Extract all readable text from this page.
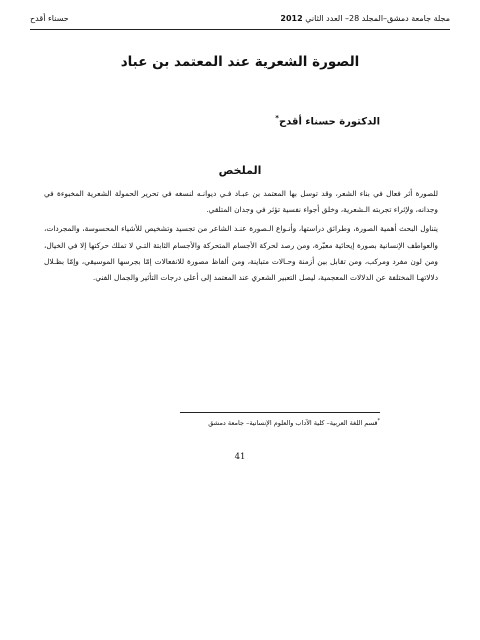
مجلة جامعة دمشق–المجلد 28– العدد الثاني 2012
حسناء أقدح
الصورة الشعرية عند المعتمد بن عباد
الدكتورة حسناء أقدح*
الملخص

للصورة أثر فعال في بناء الشعر، وقد توسل بها المعتمد بن عبـاد فـي ديوانـه لنسغه في تحرير الحمولة الشعرية المخبوءة في وجدانه، ولإثراء تجربته الـشعرية، وخلق أجواء نفسية تؤثر في وجدان المتلقي.

يتناول البحث أهمية الصورة، وطرائق دراستها، وأنـواع الـصورة عنـد الشاعر من تجسيد وتشخيص للأشياء المحسوسة، والمجردات، والعواطف الإنسانية بصورة إيحائية معبّرة، ومن رصد لحركة الأجسام المتحركة والأجسام الثابتة التـي لا تملك حركتها إلا في الخيال، ومن لون مفرد ومركب، ومن تقابل بين أزمنة وحـالات متباينة، ومن ألفاظ مصورة للانفعالات إمّا بجرسها الموسيقي، وإمّا بظـلال دلالاتهـا المختلفة عن الدلالات المعجمية، ليصل التعبير الشعري عند المعتمد إلى أعلى درجات التأثير والجمال الفني.

*قسم اللغة العربية– كلية الآداب والعلوم الإنسانية– جامعة دمشق
41
